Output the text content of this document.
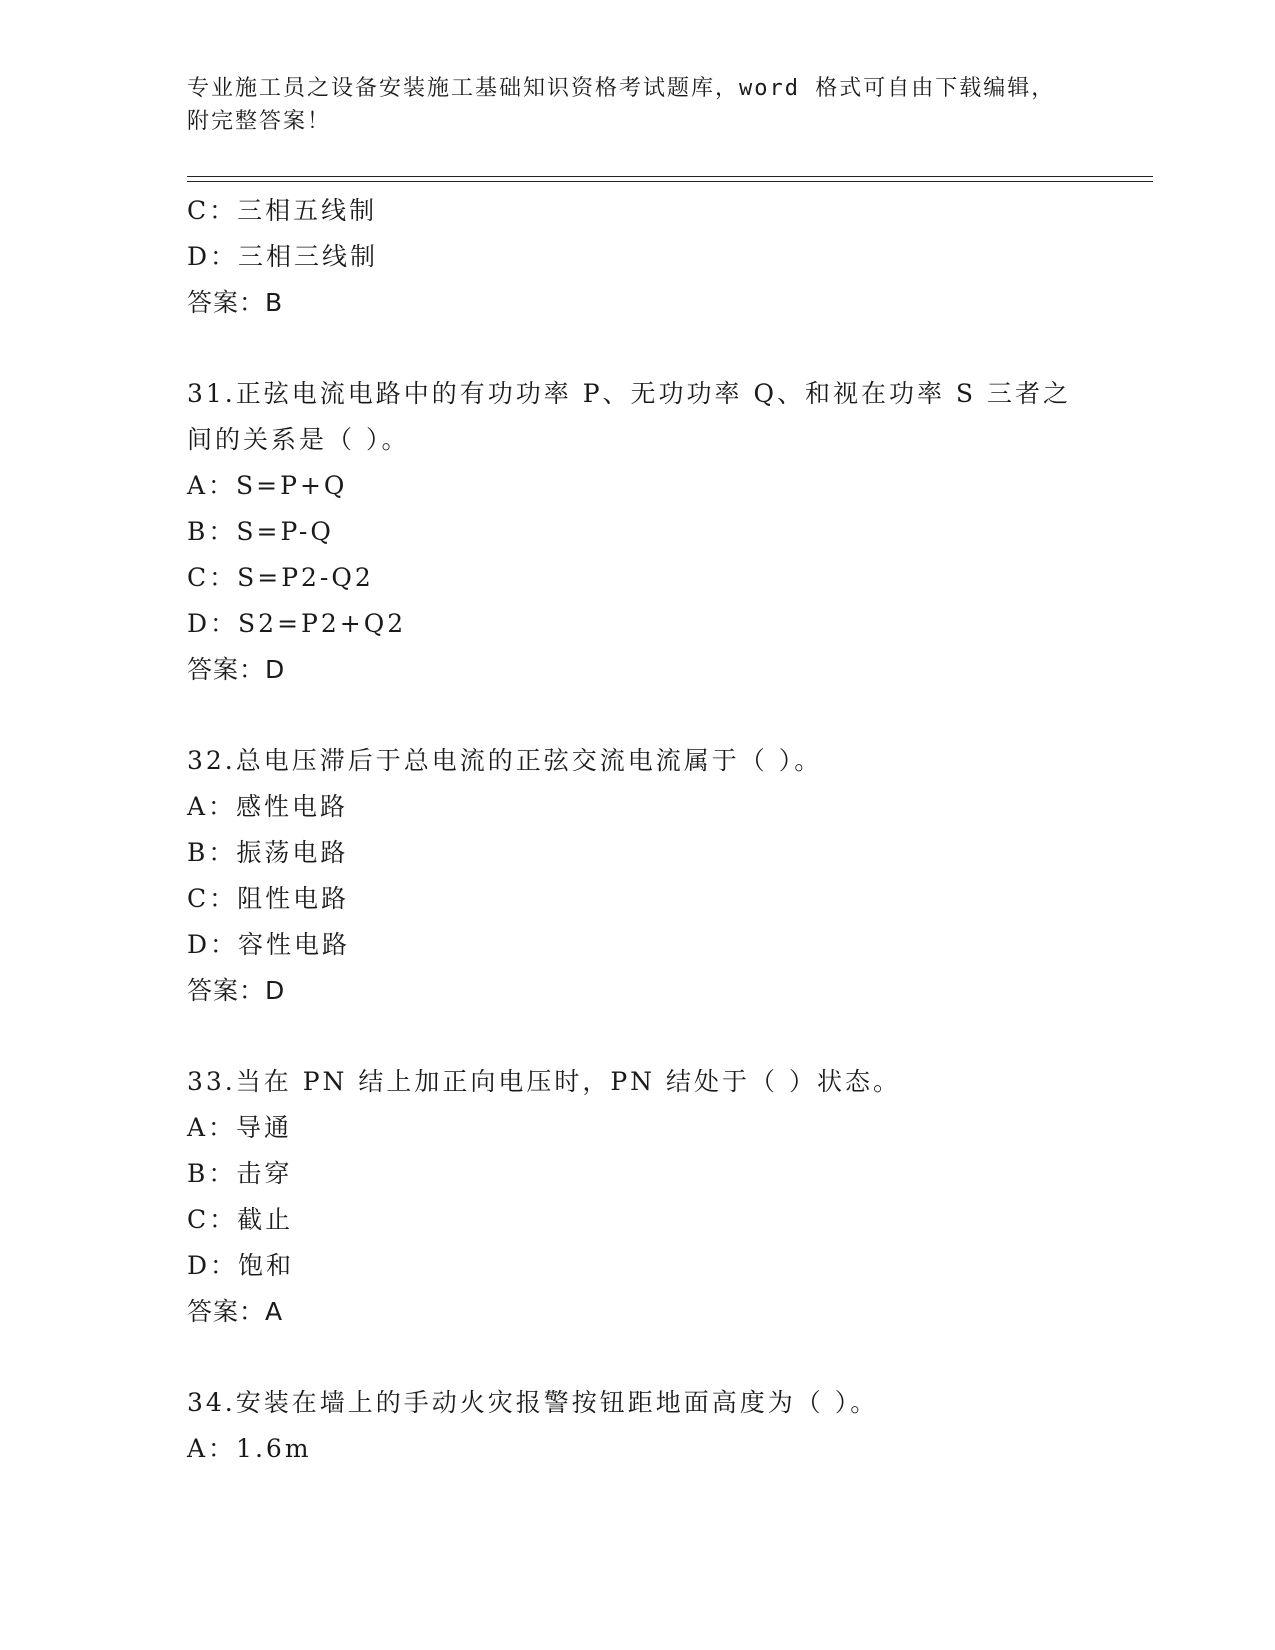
专业施工员之设备安装施工基础知识资格考试题库，word 格式可自由下载编辑，
附完整答案！
C：三相五线制
D：三相三线制
答案：B
31.正弦电流电路中的有功功率 P、无功功率 Q、和视在功率 S 三者之
间的关系是（ ）。
A：S=P+Q
B：S=P-Q
C：S=P2-Q2
D：S2=P2+Q2
答案：D
32.总电压滞后于总电流的正弦交流电流属于（ ）。
A：感性电路
B：振荡电路
C：阻性电路
D：容性电路
答案：D
33.当在 PN 结上加正向电压时，PN 结处于（ ）状态。
A：导通
B：击穿
C：截止
D：饱和
答案：A
34.安装在墙上的手动火灾报警按钮距地面高度为（ ）。
A：1.6m
